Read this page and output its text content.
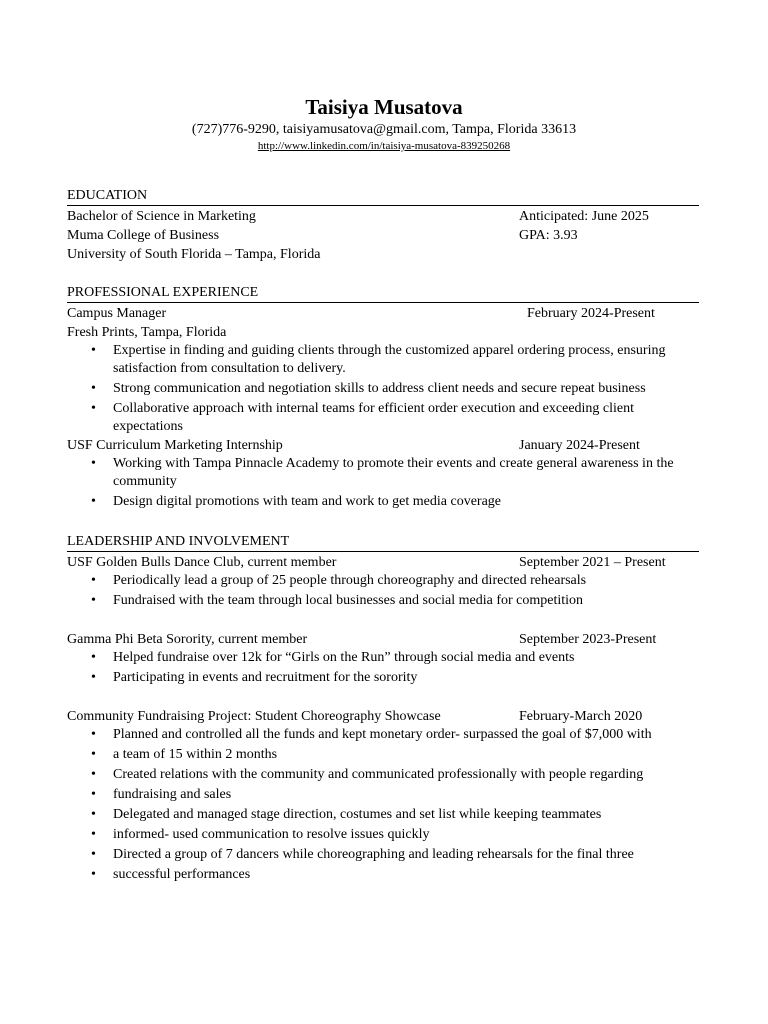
Taisiya Musatova
(727)776-9290, taisiyamusatova@gmail.com, Tampa, Florida 33613
http://www.linkedin.com/in/taisiya-musatova-839250268
EDUCATION
Bachelor of Science in Marketing	Anticipated: June 2025
Muma College of Business	GPA: 3.93
University of South Florida – Tampa, Florida
PROFESSIONAL EXPERIENCE
Campus Manager	February 2024-Present
Fresh Prints, Tampa, Florida
• Expertise in finding and guiding clients through the customized apparel ordering process, ensuring satisfaction from consultation to delivery.
• Strong communication and negotiation skills to address client needs and secure repeat business
• Collaborative approach with internal teams for efficient order execution and exceeding client expectations
USF Curriculum Marketing Internship	January 2024-Present
• Working with Tampa Pinnacle Academy to promote their events and create general awareness in the community
• Design digital promotions with team and work to get media coverage
LEADERSHIP AND INVOLVEMENT
USF Golden Bulls Dance Club, current member	September 2021 – Present
• Periodically lead a group of 25 people through choreography and directed rehearsals
• Fundraised with the team through local businesses and social media for competition
Gamma Phi Beta Sorority, current member	September 2023-Present
• Helped fundraise over 12k for “Girls on the Run” through social media and events
• Participating in events and recruitment for the sorority
Community Fundraising Project: Student Choreography Showcase	February-March 2020
• Planned and controlled all the funds and kept monetary order- surpassed the goal of $7,000 with
• a team of 15 within 2 months
• Created relations with the community and communicated professionally with people regarding
• fundraising and sales
• Delegated and managed stage direction, costumes and set list while keeping teammates
• informed- used communication to resolve issues quickly
• Directed a group of 7 dancers while choreographing and leading rehearsals for the final three
• successful performances
